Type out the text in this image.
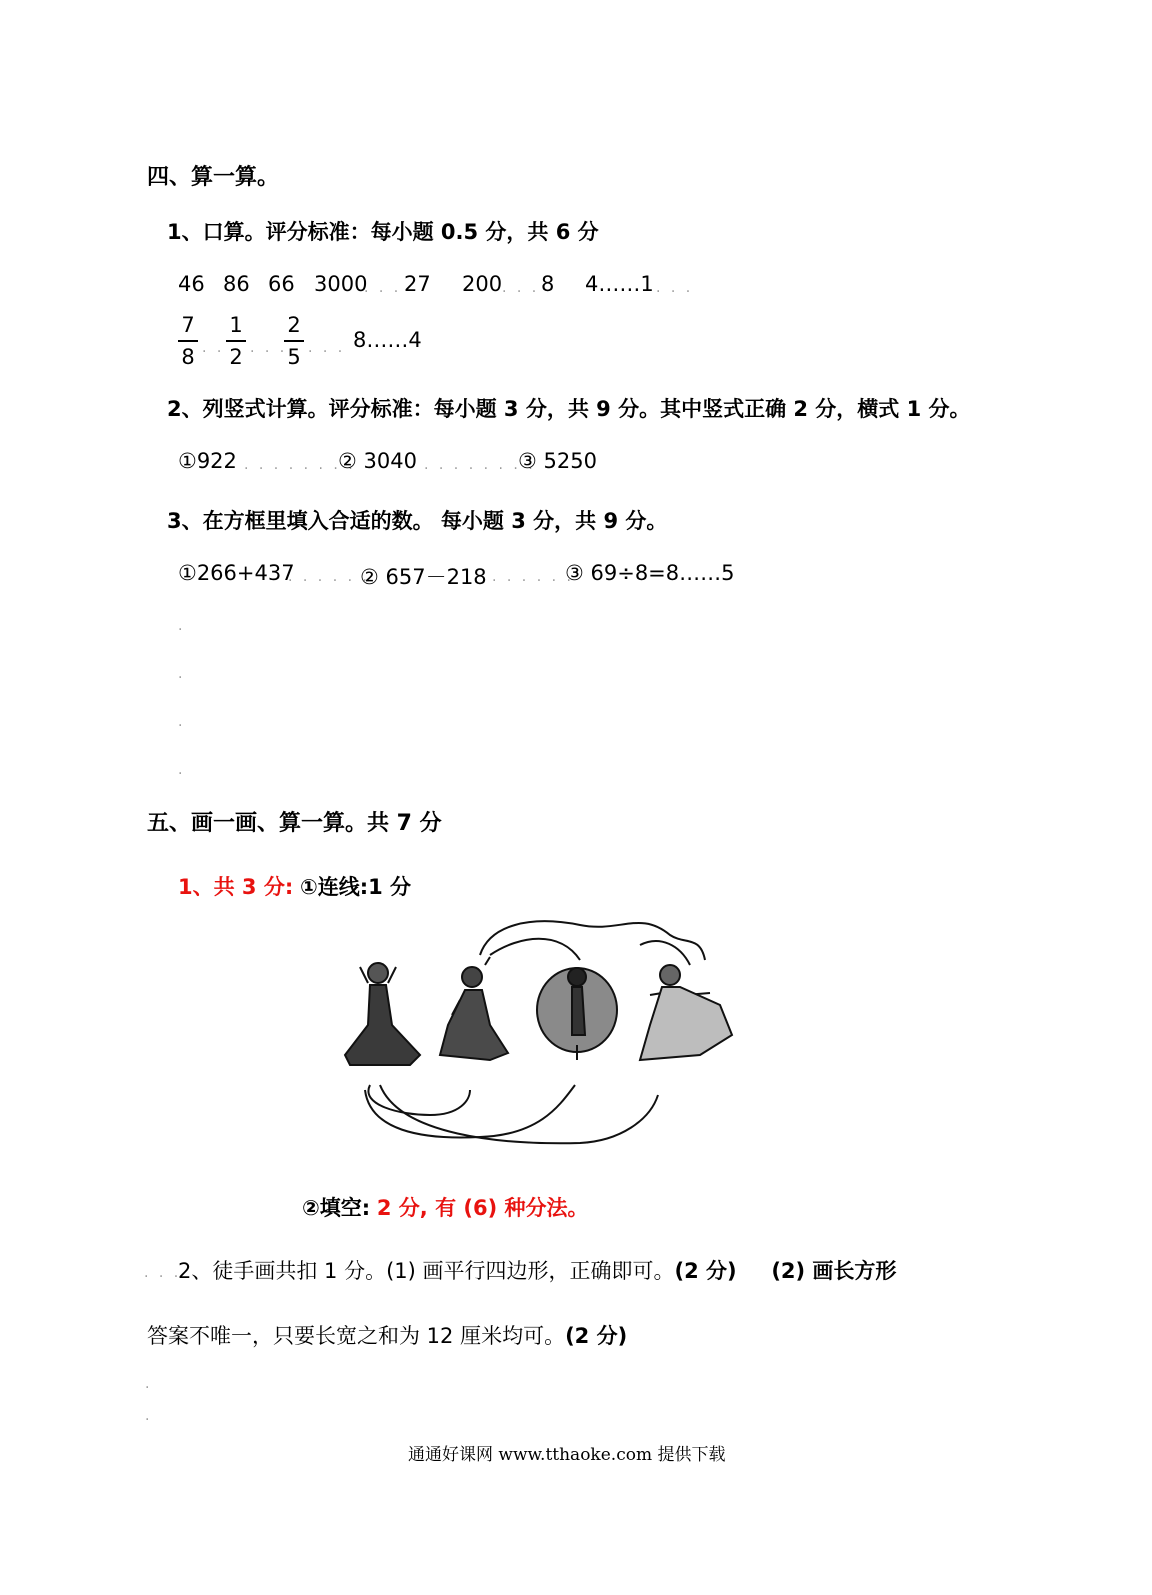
四、算一算。
1、口算。评分标准：每小题 0.5 分，共 6 分
46 86 66 3000
. . . 27 200 . . . 8 4……1 . . .
7
8 . .
1
2 . . .
2
5 . . . 8……4
2、列竖式计算。评分标准：每小题 3 分，共 9 分。其中竖式正确 2 分，横式 1 分。
①922 . . . . . . . .
② 3040 . . . . . . . .
③ 5250
3、在方框里填入合适的数。 每小题 3 分，共 9 分。
①266+437
. . . . . .
② 657－218 . . . . . .
③ 69÷8=8……5
.
.
.
.
五、画一画、算一算。共 7 分
1、共 3 分: ①连线:1 分
②填空: 2 分, 有 (6) 种分法。
. . .
2、徒手画共扣 1 分。(1) 画平行四边形，正确即可。(2 分) (2) 画长方形
答案不唯一，只要长宽之和为 12 厘米均可。(2 分)
.
.
通通好课网 www.tthaoke.com 提供下载
